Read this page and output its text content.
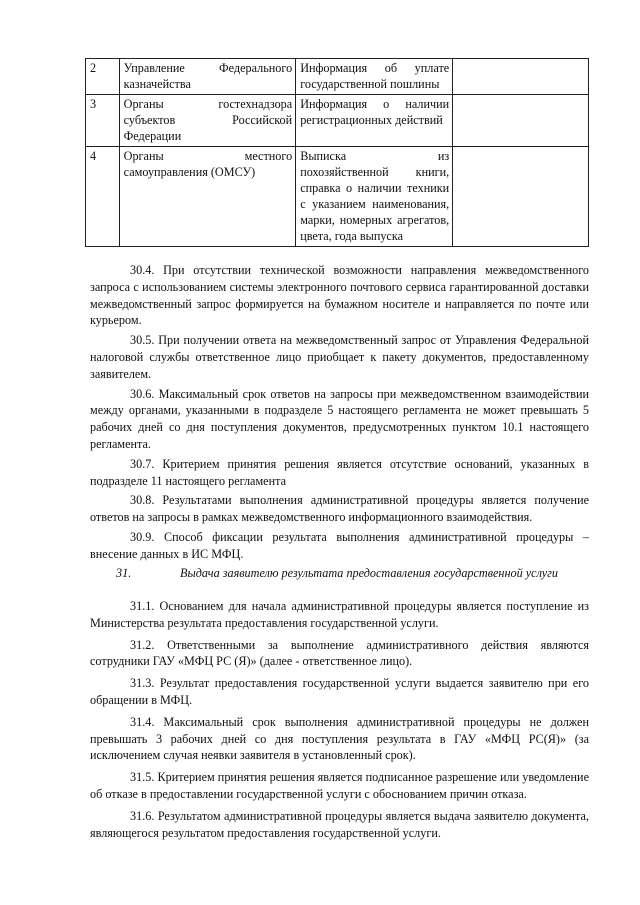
2	Управление Федерального казначейства	Информация об уплате государственной пошлины	
3	Органы гостехнадзора субъектов Российской Федерации	Информация о наличии регистрационных действий	
4	Органы местного самоуправления (ОМСУ)	Выписка из похозяйственной книги, справка о наличии техники с указанием наименования, марки, номерных агрегатов, цвета, года выпуска	

30.4. При отсутствии технической возможности направления межведомственного запроса с использованием системы электронного почтового сервиса гарантированной доставки межведомственный запрос формируется на бумажном носителе и направляется по почте или курьером.

30.5. При получении ответа на межведомственный запрос от Управления Федеральной налоговой службы ответственное лицо приобщает к пакету документов, предоставленному заявителем.

30.6. Максимальный срок ответов на запросы при межведомственном взаимодействии между органами, указанными в подразделе 5 настоящего регламента не может превышать 5 рабочих дней со дня поступления документов, предусмотренных пунктом 10.1 настоящего регламента.

30.7. Критерием принятия решения является отсутствие оснований, указанных в подразделе 11 настоящего регламента

30.8. Результатами выполнения административной процедуры является получение ответов на запросы в рамках межведомственного информационного взаимодействия.

30.9. Способ фиксации результата выполнения административной процедуры – внесение данных в ИС МФЦ.

31.	Выдача заявителю результата предоставления государственной услуги

31.1. Основанием для начала административной процедуры является поступление из Министерства результата предоставления государственной услуги.

31.2. Ответственными за выполнение административного действия являются сотрудники ГАУ «МФЦ РС (Я)» (далее - ответственное лицо).

31.3. Результат предоставления государственной услуги выдается заявителю при его обращении в МФЦ.

31.4. Максимальный срок выполнения административной процедуры не должен превышать 3 рабочих дней со дня поступления результата в ГАУ «МФЦ РС(Я)» (за исключением случая неявки заявителя в установленный срок).

31.5. Критерием принятия решения является подписанное разрешение или уведомление об отказе в предоставлении государственной услуги с обоснованием причин отказа.

31.6. Результатом административной процедуры является выдача заявителю документа, являющегося результатом предоставления государственной услуги.
